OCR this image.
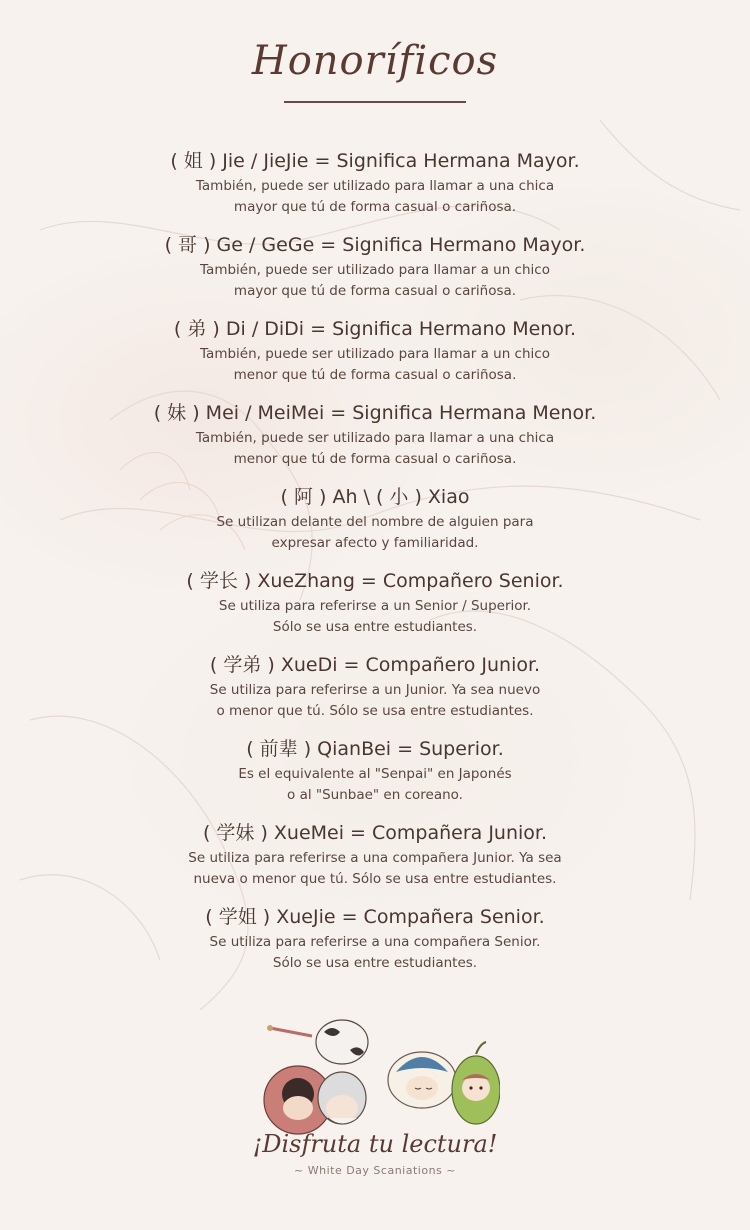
Honoríficos
( 姐 ) Jie / JieJie = Significa Hermana Mayor.
También, puede ser utilizado para llamar a una chica
mayor que tú de forma casual o cariñosa.
( 哥 ) Ge / GeGe = Significa Hermano Mayor.
También, puede ser utilizado para llamar a un chico
mayor que tú de forma casual o cariñosa.
( 弟 ) Di / DiDi = Significa Hermano Menor.
También, puede ser utilizado para llamar a un chico
menor que tú de forma casual o cariñosa.
( 妹 ) Mei / MeiMei = Significa Hermana Menor.
También, puede ser utilizado para llamar a una chica
menor que tú de forma casual o cariñosa.
( 阿 ) Ah \ ( 小 ) Xiao
Se utilizan delante del nombre de alguien para
expresar afecto y familiaridad.
( 学长 ) XueZhang = Compañero Senior.
Se utiliza para referirse a un Senior / Superior.
Sólo se usa entre estudiantes.
( 学弟 ) XueDi = Compañero Junior.
Se utiliza para referirse a un Junior. Ya sea nuevo
o menor que tú. Sólo se usa entre estudiantes.
( 前辈 ) QianBei = Superior.
Es el equivalente al "Senpai" en Japonés
o al "Sunbae" en coreano.
( 学妹 ) XueMei = Compañera Junior.
Se utiliza para referirse a una compañera Junior. Ya sea
nueva o menor que tú. Sólo se usa entre estudiantes.
( 学姐 ) XueJie = Compañera Senior.
Se utiliza para referirse a una compañera Senior.
Sólo se usa entre estudiantes.
¡Disfruta tu lectura!
~ White Day Scaniations ~
